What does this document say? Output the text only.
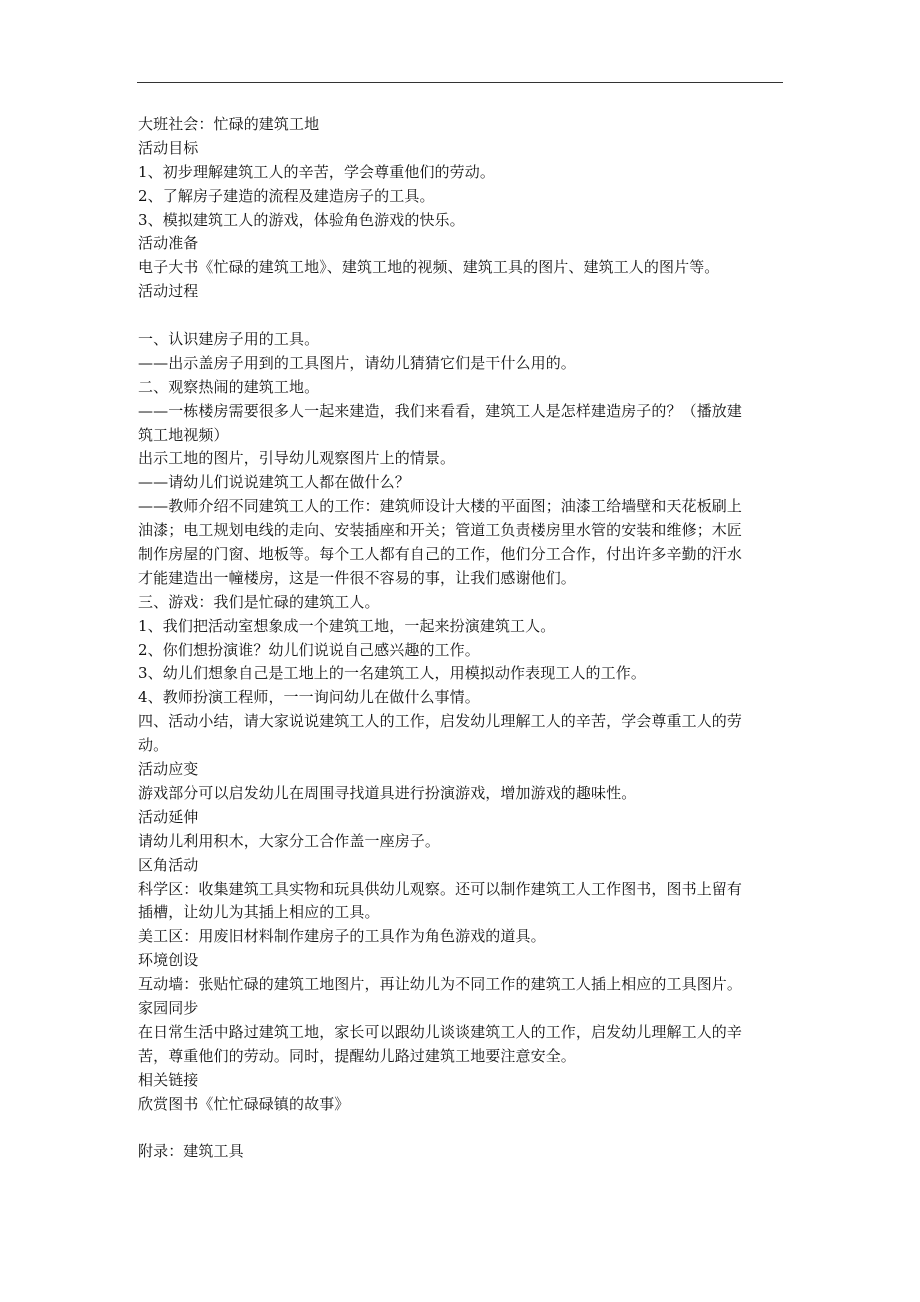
大班社会：忙碌的建筑工地
活动目标
1、初步理解建筑工人的辛苦，学会尊重他们的劳动。
2、了解房子建造的流程及建造房子的工具。
3、模拟建筑工人的游戏，体验角色游戏的快乐。
活动准备
电子大书《忙碌的建筑工地》、建筑工地的视频、建筑工具的图片、建筑工人的图片等。
活动过程
一、认识建房子用的工具。
——出示盖房子用到的工具图片，请幼儿猜猜它们是干什么用的。
二、观察热闹的建筑工地。
——一栋楼房需要很多人一起来建造，我们来看看，建筑工人是怎样建造房子的？（播放建
筑工地视频）
出示工地的图片，引导幼儿观察图片上的情景。
——请幼儿们说说建筑工人都在做什么？
——教师介绍不同建筑工人的工作：建筑师设计大楼的平面图；油漆工给墙壁和天花板刷上
油漆；电工规划电线的走向、安装插座和开关；管道工负责楼房里水管的安装和维修；木匠
制作房屋的门窗、地板等。每个工人都有自己的工作，他们分工合作，付出许多辛勤的汗水
才能建造出一幢楼房，这是一件很不容易的事，让我们感谢他们。
三、游戏：我们是忙碌的建筑工人。
1、我们把活动室想象成一个建筑工地，一起来扮演建筑工人。
2、你们想扮演谁？幼儿们说说自己感兴趣的工作。
3、幼儿们想象自己是工地上的一名建筑工人，用模拟动作表现工人的工作。
4、教师扮演工程师，一一询问幼儿在做什么事情。
四、活动小结，请大家说说建筑工人的工作，启发幼儿理解工人的辛苦，学会尊重工人的劳
动。
活动应变
游戏部分可以启发幼儿在周围寻找道具进行扮演游戏，增加游戏的趣味性。
活动延伸
请幼儿利用积木，大家分工合作盖一座房子。
区角活动
科学区：收集建筑工具实物和玩具供幼儿观察。还可以制作建筑工人工作图书，图书上留有
插槽，让幼儿为其插上相应的工具。
美工区：用废旧材料制作建房子的工具作为角色游戏的道具。
环境创设
互动墙：张贴忙碌的建筑工地图片，再让幼儿为不同工作的建筑工人插上相应的工具图片。
家园同步
在日常生活中路过建筑工地，家长可以跟幼儿谈谈建筑工人的工作，启发幼儿理解工人的辛
苦，尊重他们的劳动。同时，提醒幼儿路过建筑工地要注意安全。
相关链接
欣赏图书《忙忙碌碌镇的故事》
附录：建筑工具
